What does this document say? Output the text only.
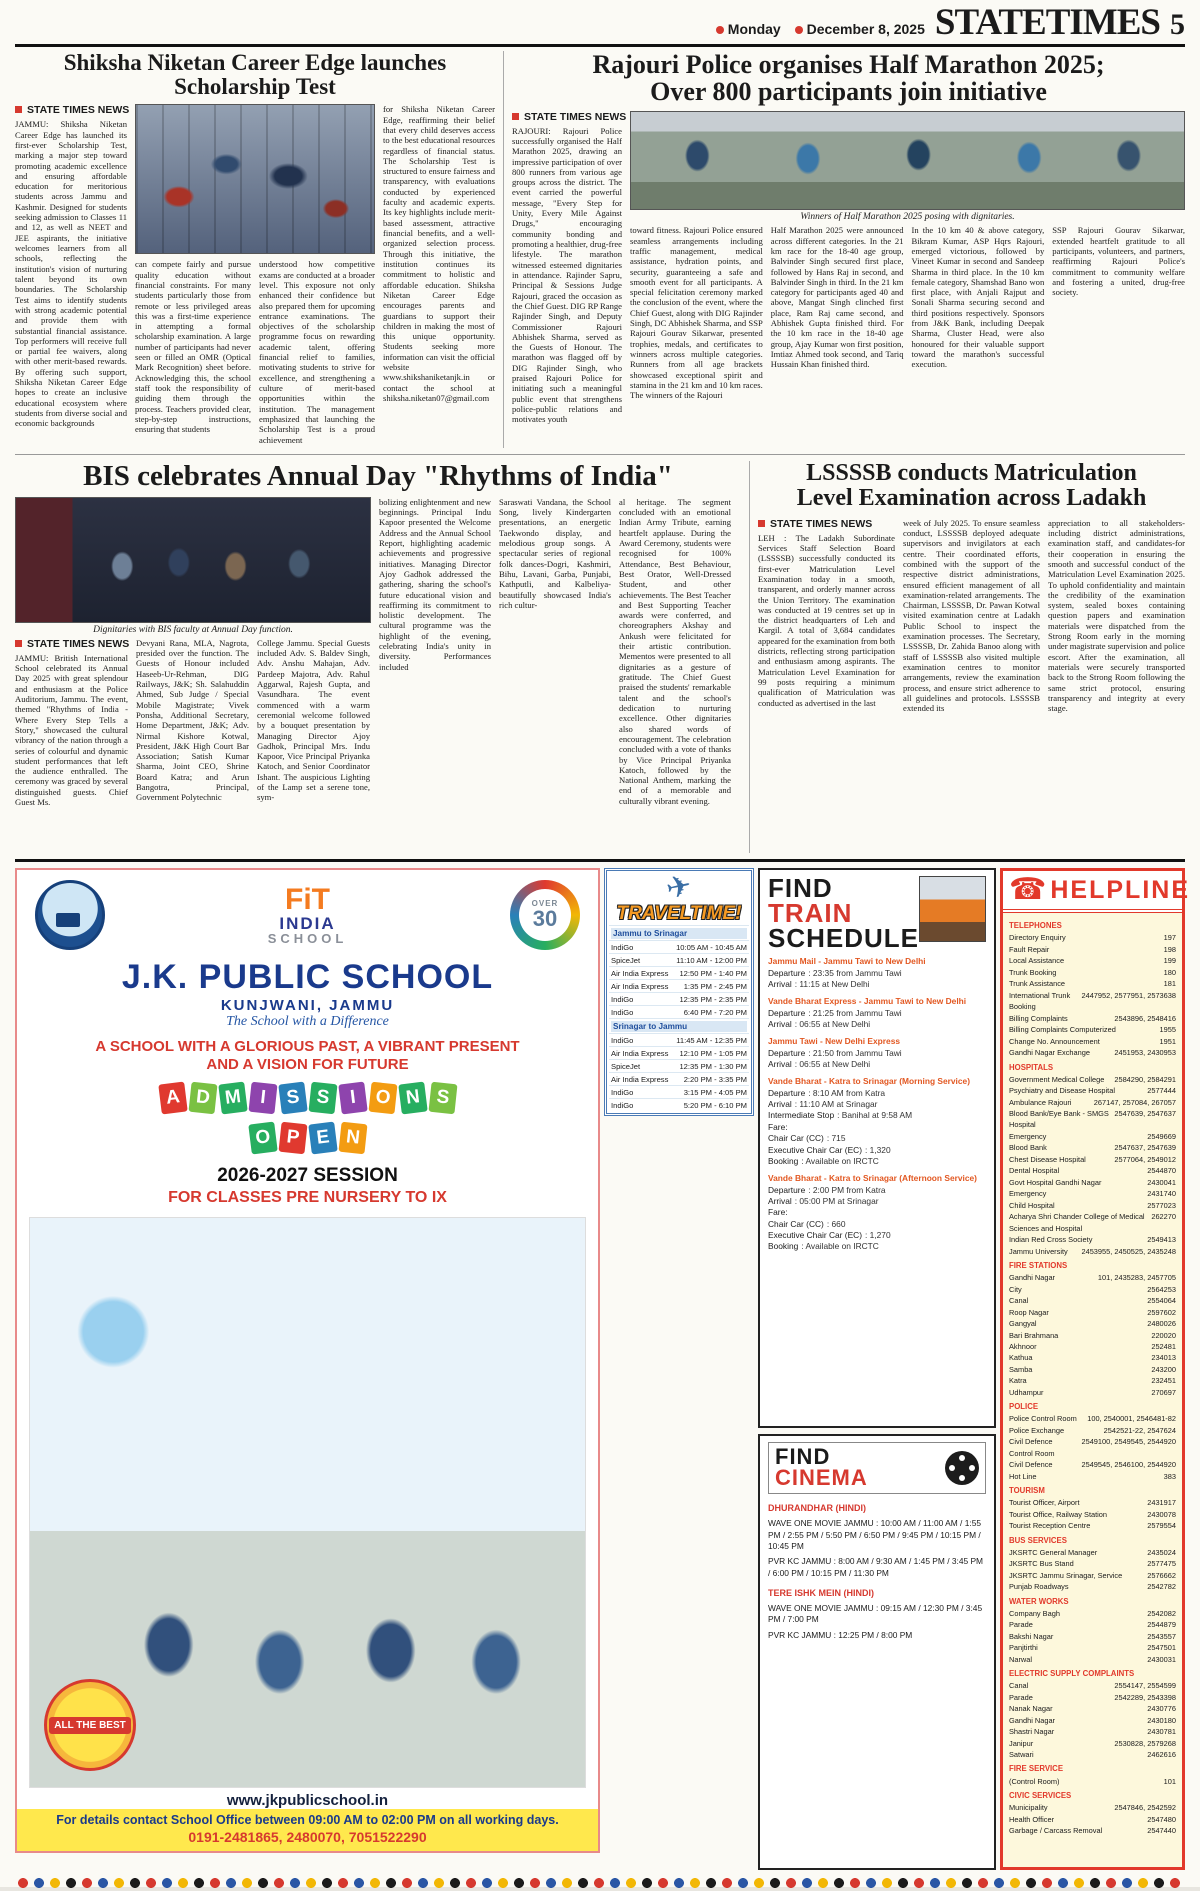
Monday December 8, 2025 STATETIMES 5
Shiksha Niketan Career Edge launches Scholarship Test
STATE TIMES NEWS
JAMMU: Shiksha Niketan Career Edge has launched its first-ever Scholarship Test, marking a major step toward promoting academic excellence and ensuring affordable education for meritorious students across Jammu and Kashmir. Designed for students seeking admission to Classes 11 and 12, as well as NEET and JEE aspirants, the initiative welcomes learners from all schools, reflecting the institution's vision of nurturing talent beyond its own boundaries. The Scholarship Test aims to identify students with strong academic potential and provide them with substantial financial assistance. Top performers will receive full or partial fee waivers, along with other merit-based rewards. By offering such support, Shiksha Niketan Career Edge hopes to create an inclusive educational ecosystem where students from diverse social and economic backgrounds
can compete fairly and pursue quality education without financial constraints. For many students particularly those from remote or less privileged areas this was a first-time experience in attempting a formal scholarship examination. A large number of participants had never seen or filled an OMR (Optical Mark Recognition) sheet before. Acknowledging this, the school staff took the responsibility of guiding them through the process. Teachers provided clear, step-by-step instructions, ensuring that students
understood how competitive exams are conducted at a broader level. This exposure not only enhanced their confidence but also prepared them for upcoming entrance examinations. The objectives of the scholarship programme focus on rewarding academic talent, offering financial relief to families, motivating students to strive for excellence, and strengthening a culture of merit-based opportunities within the institution. The management emphasized that launching the Scholarship Test is a proud achievement
for Shiksha Niketan Career Edge, reaffirming their belief that every child deserves access to the best educational resources regardless of financial status. The Scholarship Test is structured to ensure fairness and transparency, with evaluations conducted by experienced faculty and academic experts. Its key highlights include merit-based assessment, attractive financial benefits, and a well-organized selection process. Through this initiative, the institution continues its commitment to holistic and affordable education. Shiksha Niketan Career Edge encourages parents and guardians to support their children in making the most of this unique opportunity. Students seeking more information can visit the official website www.shikshaniketanjk.in or contact the school at shiksha.niketan07@gmail.com
Rajouri Police organises Half Marathon 2025;
Over 800 participants join initiative
STATE TIMES NEWS
RAJOURI: Rajouri Police successfully organised the Half Marathon 2025, drawing an impressive participation of over 800 runners from various age groups across the district. The event carried the powerful message, "Every Step for Unity, Every Mile Against Drugs," encouraging community bonding and promoting a healthier, drug-free lifestyle. The marathon witnessed esteemed dignitaries in attendance. Rajinder Sapru, Principal & Sessions Judge Rajouri, graced the occasion as the Chief Guest. DIG RP Range Rajinder Singh, and Deputy Commissioner Rajouri Abhishek Sharma, served as the Guests of Honour. The marathon was flagged off by DIG Rajinder Singh, who praised Rajouri Police for initiating such a meaningful public event that strengthens police-public relations and motivates youth
Winners of Half Marathon 2025 posing with dignitaries.
toward fitness. Rajouri Police ensured seamless arrangements including traffic management, medical assistance, hydration points, and security, guaranteeing a safe and smooth event for all participants. A special felicitation ceremony marked the conclusion of the event, where the Chief Guest, along with DIG Rajinder Singh, DC Abhishek Sharma, and SSP Rajouri Gourav Sikarwar, presented trophies, medals, and certificates to winners across multiple categories. Runners from all age brackets showcased exceptional spirit and stamina in the 21 km and 10 km races. The winners of the Rajouri
Half Marathon 2025 were announced across different categories. In the 21 km race for the 18-40 age group, Balvinder Singh secured first place, followed by Hans Raj in second, and Balvinder Singh in third. In the 21 km category for participants aged 40 and above, Mangat Singh clinched first place, Ram Raj came second, and Abhishek Gupta finished third. For the 10 km race in the 18-40 age group, Ajay Kumar won first position, Imtiaz Ahmed took second, and Tariq Hussain Khan finished third.
In the 10 km 40 & above category, Bikram Kumar, ASP Hqrs Rajouri, emerged victorious, followed by Vineet Kumar in second and Sandeep Sharma in third place. In the 10 km female category, Shamshad Bano won first place, with Anjali Rajput and Sonali Sharma securing second and third positions respectively. Sponsors from J&K Bank, including Deepak Sharma, Cluster Head, were also honoured for their valuable support toward the marathon's successful execution.
SSP Rajouri Gourav Sikarwar, extended heartfelt gratitude to all participants, volunteers, and partners, reaffirming Rajouri Police's commitment to community welfare and fostering a united, drug-free society.
BIS celebrates Annual Day "Rhythms of India"
Dignitaries with BIS faculty at Annual Day function.
STATE TIMES NEWS
JAMMU: British International School celebrated its Annual Day 2025 with great splendour and enthusiasm at the Police Auditorium, Jammu. The event, themed "Rhythms of India - Where Every Step Tells a Story," showcased the cultural vibrancy of the nation through a series of colourful and dynamic student performances that left the audience enthralled. The ceremony was graced by several distinguished guests. Chief Guest Ms.
Devyani Rana, MLA, Nagrota, presided over the function. The Guests of Honour included Haseeb-Ur-Rehman, DIG Railways, J&K; Sh. Salahuddin Ahmed, Sub Judge / Special Mobile Magistrate; Vivek Ponsha, Additional Secretary, Home Department, J&K; Adv. Nirmal Kishore Kotwal, President, J&K High Court Bar Association; Satish Kumar Sharma, Joint CEO, Shrine Board Katra; and Arun Bangotra, Principal, Government Polytechnic
College Jammu. Special Guests included Adv. S. Baldev Singh, Adv. Anshu Mahajan, Adv. Pardeep Majotra, Adv. Rahul Aggarwal, Rajesh Gupta, and Vasundhara. The event commenced with a warm ceremonial welcome followed by a bouquet presentation by Managing Director Ajoy Gadhok, Principal Mrs. Indu Kapoor, Vice Principal Priyanka Katoch, and Senior Coordinator Ishant. The auspicious Lighting of the Lamp set a serene tone, sym-
bolizing enlightenment and new beginnings. Principal Indu Kapoor presented the Welcome Address and the Annual School Report, highlighting academic achievements and progressive initiatives. Managing Director Ajoy Gadhok addressed the gathering, sharing the school's future educational vision and reaffirming its commitment to holistic development. The cultural programme was the highlight of the evening, celebrating India's unity in diversity. Performances included
Saraswati Vandana, the School Song, lively Kindergarten presentations, an energetic Taekwondo display, and melodious group songs. A spectacular series of regional folk dances-Dogri, Kashmiri, Bihu, Lavani, Garba, Punjabi, Kathputli, and Kalbeliya-beautifully showcased India's rich cultur-
al heritage. The segment concluded with an emotional Indian Army Tribute, earning heartfelt applause. During the Award Ceremony, students were recognised for 100% Attendance, Best Behaviour, Best Orator, Well-Dressed Student, and other achievements. The Best Teacher and Best Supporting Teacher awards were conferred, and choreographers Akshay and Ankush were felicitated for their artistic contribution. Mementos were presented to all dignitaries as a gesture of gratitude. The Chief Guest praised the students' remarkable talent and the school's dedication to nurturing excellence. Other dignitaries also shared words of encouragement. The celebration concluded with a vote of thanks by Vice Principal Priyanka Katoch, followed by the National Anthem, marking the end of a memorable and culturally vibrant evening.
LSSSSB conducts Matriculation
Level Examination across Ladakh
STATE TIMES NEWS
LEH : The Ladakh Subordinate Services Staff Selection Board (LSSSSB) successfully conducted its first-ever Matriculation Level Examination today in a smooth, transparent, and orderly manner across the Union Territory. The examination was conducted at 19 centres set up in the district headquarters of Leh and Kargil. A total of 3,684 candidates appeared for the examination from both districts, reflecting strong participation and enthusiasm among aspirants. The Matriculation Level Examination for 99 posts requiring a minimum qualification of Matriculation was conducted as advertised in the last
week of July 2025. To ensure seamless conduct, LSSSSB deployed adequate supervisors and invigilators at each centre. Their coordinated efforts, combined with the support of the respective district administrations, ensured efficient management of all examination-related arrangements. The Chairman, LSSSSB, Dr. Pawan Kotwal visited examination centre at Ladakh Public School to inspect the examination processes. The Secretary, LSSSSB, Dr. Zahida Banoo along with staff of LSSSSB also visited multiple examination centres to monitor arrangements, review the examination process, and ensure strict adherence to all guidelines and protocols. LSSSSB extended its
appreciation to all stakeholders-including district administrations, examination staff, and candidates-for their cooperation in ensuring the smooth and successful conduct of the Matriculation Level Examination 2025. To uphold confidentiality and maintain the credibility of the examination system, sealed boxes containing question papers and examination materials were dispatched from the Strong Room early in the morning under magistrate supervision and police escort. After the examination, all materials were securely transported back to the Strong Room following the same strict protocol, ensuring transparency and integrity at every stage.
FiT
INDIA
SCHOOL
OVER
30
J.K. PUBLIC SCHOOL
KUNJWANI, JAMMU
The School with a Difference
A SCHOOL WITH A GLORIOUS PAST, A VIBRANT PRESENT
AND A VISION FOR FUTURE
A D M I S S I O N S
O P E N
2026-2027 SESSION
FOR CLASSES PRE NURSERY TO IX
ALL THE BEST
www.jkpublicschool.in
For details contact School Office between 09:00 AM to 02:00 PM on all working days.
0191-2481865, 2480070, 7051522290
✈
TRAVELTIME!
Jammu to Srinagar
IndiGo	10:05 AM - 10:45 AM
SpiceJet	11:10 AM - 12:00 PM
Air India Express	12:50 PM - 1:40 PM
Air India Express	1:35 PM - 2:45 PM
IndiGo	12:35 PM - 2:35 PM
IndiGo	6:40 PM - 7:20 PM
Srinagar to Jammu
IndiGo	11:45 AM - 12:35 PM
Air India Express	12:10 PM - 1:05 PM
SpiceJet	12:35 PM - 1:30 PM
Air India Express	2:20 PM - 3:35 PM
IndiGo	3:15 PM - 4:05 PM
IndiGo	5:20 PM - 6:10 PM
FIND
TRAIN
SCHEDULE
Jammu Mail - Jammu Tawi to New Delhi
Departure : 23:35 from Jammu Tawi
Arrival : 11:15 at New Delhi
Vande Bharat Express - Jammu Tawi to New Delhi
Departure : 21:25 from Jammu Tawi
Arrival : 06:55 at New Delhi
Jammu Tawi - New Delhi Express
Departure : 21:50 from Jammu Tawi
Arrival : 06:55 at New Delhi
Vande Bharat - Katra to Srinagar (Morning Service)
Departure : 8:10 AM from Katra
Arrival : 11:10 AM at Srinagar
Intermediate Stop : Banihal at 9:58 AM
Fare:
Chair Car (CC) : 715
Executive Chair Car (EC) : 1,320
Booking : Available on IRCTC
Vande Bharat - Katra to Srinagar (Afternoon Service)
Departure : 2:00 PM from Katra
Arrival : 05:00 PM at Srinagar
Fare:
Chair Car (CC) : 660
Executive Chair Car (EC) : 1,270
Booking : Available on IRCTC
FIND
CINEMA
DHURANDHAR (HINDI)
WAVE ONE MOVIE JAMMU : 10:00 AM / 11:00 AM / 1:55 PM / 2:55 PM / 5:50 PM / 6:50 PM / 9:45 PM / 10:15 PM / 10:45 PM
PVR KC JAMMU : 8:00 AM / 9:30 AM / 1:45 PM / 3:45 PM / 6:00 PM / 10:15 PM / 11:30 PM
TERE ISHK MEIN (HINDI)
WAVE ONE MOVIE JAMMU : 09:15 AM / 12:30 PM / 3:45 PM / 7:00 PM
PVR KC JAMMU : 12:25 PM / 8:00 PM
☎ HELPLINE
TELEPHONES
Directory Enquiry	197
Fault Repair	198
Local Assistance	199
Trunk Booking	180
Trunk Assistance	181
International Trunk Booking
2447952, 2577951, 2573638
Billing Complaints	2543896, 2548416
Billing Complaints Computerized	1955
Change No. Announcement	1951
Gandhi Nagar Exchange	2451953, 2430953
HOSPITALS
Government Medical College	2584290, 2584291
Psychiatry and Disease Hospital	2577444
Ambulance Rajouri	267147, 257084, 267057
Blood Bank/Eye Bank - SMGS Hospital
2547639, 2547637
Emergency	2549669
Blood Bank	2547637, 2547639
Chest Disease Hospital	2577064, 2549012
Dental Hospital	2544870
Govt Hospital Gandhi Nagar	2430041
Emergency	2431740
Child Hospital	2577023
Acharya Shri Chander College of Medical Sciences and Hospital
262270
Indian Red Cross Society	2549413
Jammu University	2453955, 2450525, 2435248
FIRE STATIONS
Gandhi Nagar	101, 2435283, 2457705
City	2564253
Canal	2554064
Roop Nagar	2597602
Gangyal	2480026
Bari Brahmana	220020
Akhnoor	252481
Kathua	234013
Samba	243200
Katra	232451
Udhampur	270697
POLICE
Police Control Room	100, 2540001, 2546481-82
Police Exchange	2542521-22, 2547624
Civil Defence Control Room
2549100, 2549545, 2544920
Civil Defence	2549545, 2546100, 2544920
Hot Line	383
TOURISM
Tourist Officer, Airport	2431917
Tourist Office, Railway Station	2430078
Tourist Reception Centre	2579554
BUS SERVICES
JKSRTC General Manager	2435024
JKSRTC Bus Stand	2577475
JKSRTC Jammu Srinagar, Service	2576662
Punjab Roadways	2542782
WATER WORKS
Company Bagh	2542082
Parade	2544879
Bakshi Nagar	2543557
Panjtirthi	2547501
Narwal	2430031
ELECTRIC SUPPLY COMPLAINTS
Canal	2554147, 2554599
Parade	2542289, 2543398
Nanak Nagar	2430776
Gandhi Nagar	2430180
Shastri Nagar	2430781
Janipur	2530828, 2579268
Satwari	2462616
FIRE SERVICE
(Control Room)	101
CIVIC SERVICES
Municipality	2547846, 2542592
Health Officer	2547480
Garbage / Carcass Removal	2547440
